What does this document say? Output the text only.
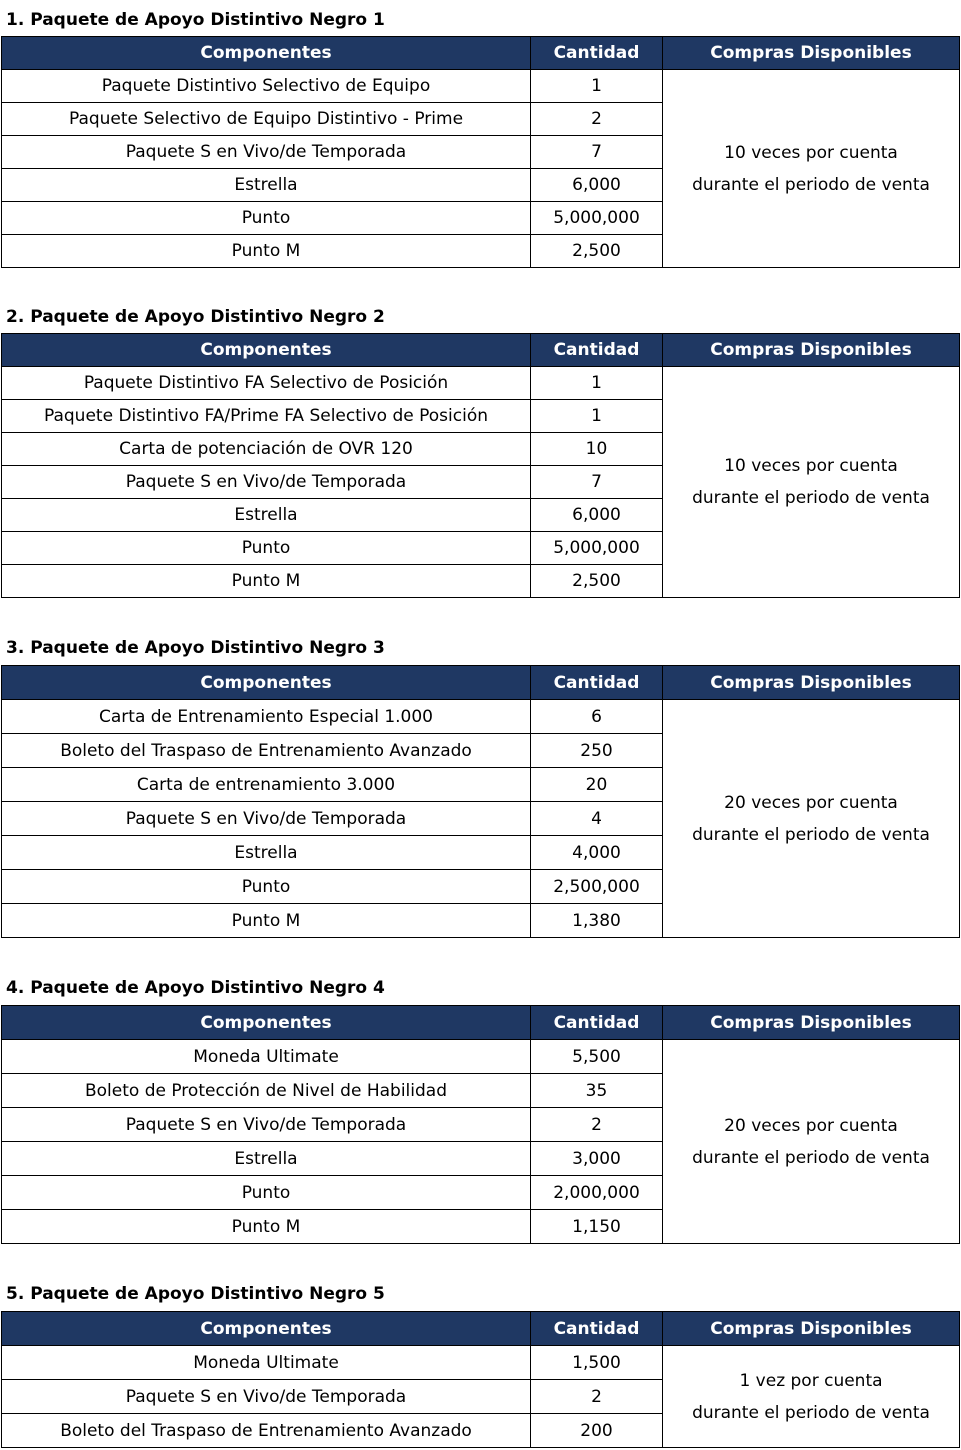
1. Paquete de Apoyo Distintivo Negro 1
Componentes	Cantidad	Compras Disponibles
Paquete Distintivo Selectivo de Equipo	1	10 veces por cuenta
durante el periodo de venta

Paquete Selectivo de Equipo Distintivo - Prime	2	
Paquete S en Vivo/de Temporada	7	
Estrella	6,000	
Punto	5,000,000	
Punto M	2,500	
2. Paquete de Apoyo Distintivo Negro 2
Componentes	Cantidad	Compras Disponibles
Paquete Distintivo FA Selectivo de Posición	1	10 veces por cuenta
durante el periodo de venta

Paquete Distintivo FA/Prime FA Selectivo de Posición	1	
Carta de potenciación de OVR 120	10	
Paquete S en Vivo/de Temporada	7	
Estrella	6,000	
Punto	5,000,000	
Punto M	2,500	
3. Paquete de Apoyo Distintivo Negro 3
Componentes	Cantidad	Compras Disponibles
Carta de Entrenamiento Especial 1.000	6	20 veces por cuenta
durante el periodo de venta

Boleto del Traspaso de Entrenamiento Avanzado	250	
Carta de entrenamiento 3.000	20	
Paquete S en Vivo/de Temporada	4	
Estrella	4,000	
Punto	2,500,000	
Punto M	1,380	
4. Paquete de Apoyo Distintivo Negro 4
Componentes	Cantidad	Compras Disponibles
Moneda Ultimate	5,500	20 veces por cuenta
durante el periodo de venta

Boleto de Protección de Nivel de Habilidad	35	
Paquete S en Vivo/de Temporada	2	
Estrella	3,000	
Punto	2,000,000	
Punto M	1,150	
5. Paquete de Apoyo Distintivo Negro 5
Componentes	Cantidad	Compras Disponibles
Moneda Ultimate	1,500	1 vez por cuenta
durante el periodo de venta

Paquete S en Vivo/de Temporada	2	
Boleto del Traspaso de Entrenamiento Avanzado	200	
